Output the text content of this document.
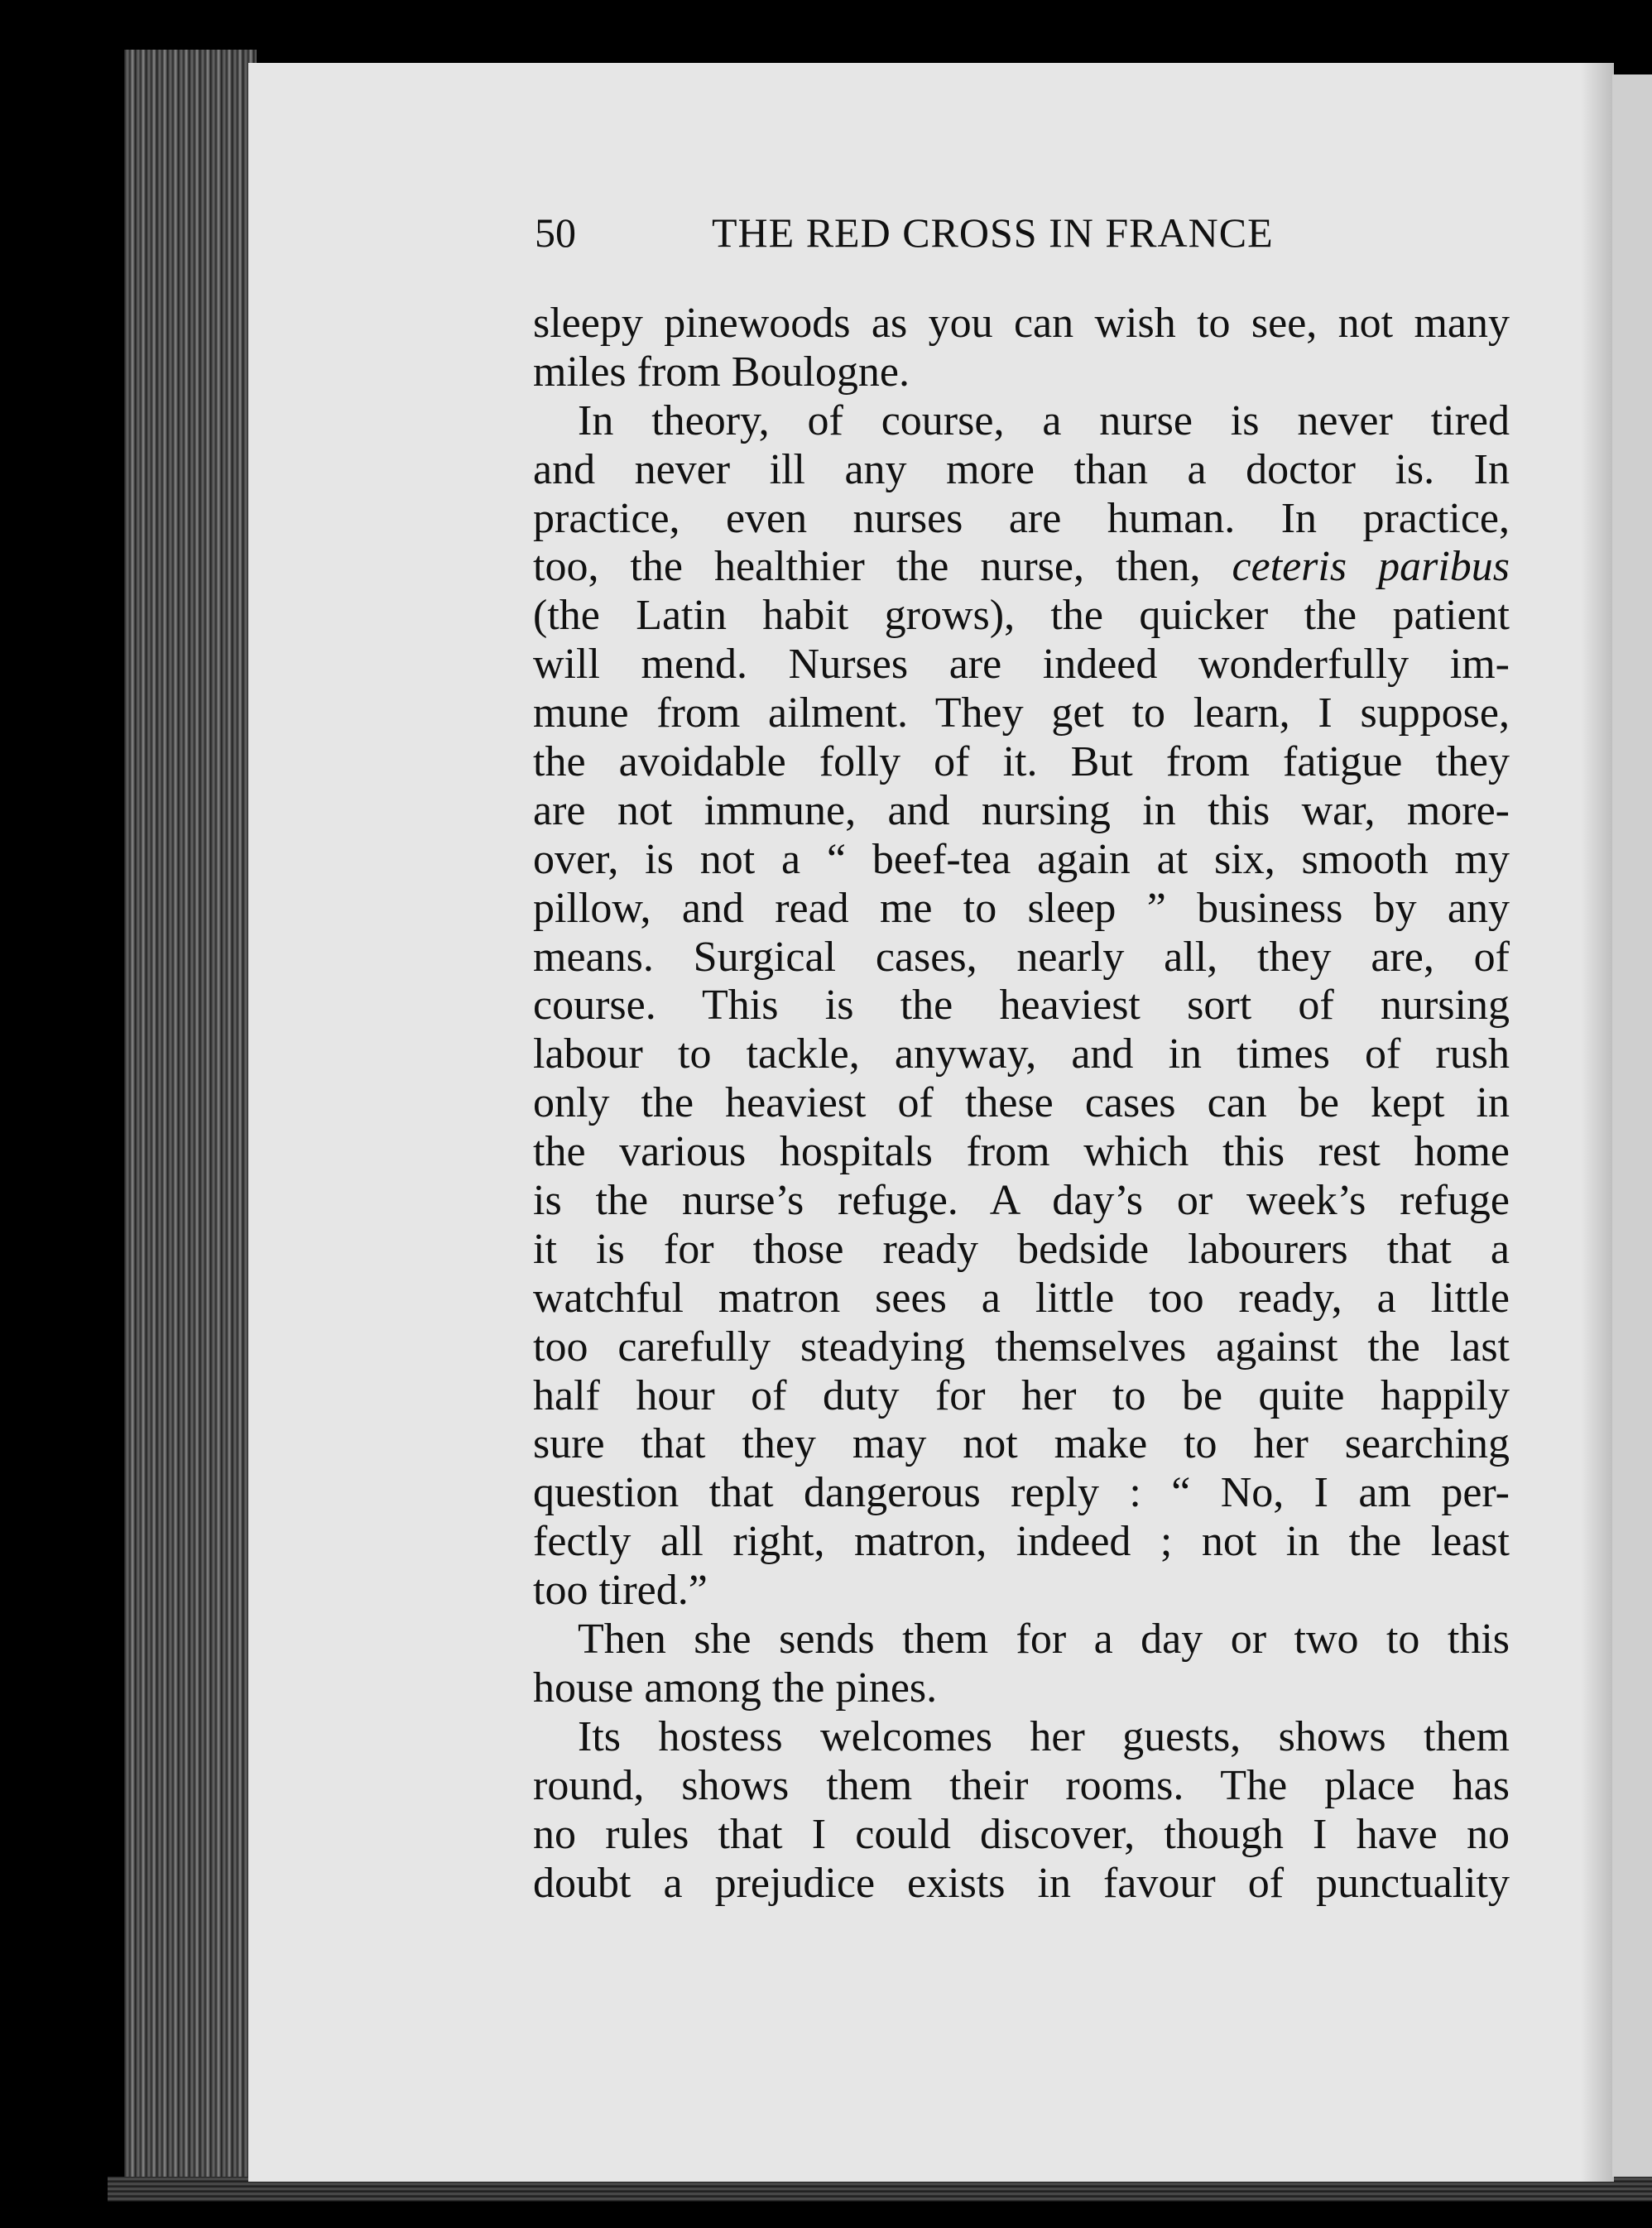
50	THE RED CROSS IN FRANCE
sleepy pinewoods as you can wish to see, not many
miles from Boulogne.
In theory, of course, a nurse is never tired
and never ill any more than a doctor is. In
practice, even nurses are human. In practice,
too, the healthier the nurse, then, ceteris paribus
(the Latin habit grows), the quicker the patient
will mend. Nurses are indeed wonderfully im-
mune from ailment. They get to learn, I suppose,
the avoidable folly of it. But from fatigue they
are not immune, and nursing in this war, more-
over, is not a “ beef-tea again at six, smooth my
pillow, and read me to sleep ” business by any
means. Surgical cases, nearly all, they are, of
course. This is the heaviest sort of nursing
labour to tackle, anyway, and in times of rush
only the heaviest of these cases can be kept in
the various hospitals from which this rest home
is the nurse’s refuge. A day’s or week’s refuge
it is for those ready bedside labourers that a
watchful matron sees a little too ready, a little
too carefully steadying themselves against the last
half hour of duty for her to be quite happily
sure that they may not make to her searching
question that dangerous reply : “ No, I am per-
fectly all right, matron, indeed ; not in the least
too tired.”
Then she sends them for a day or two to this
house among the pines.
Its hostess welcomes her guests, shows them
round, shows them their rooms. The place has
no rules that I could discover, though I have no
doubt a prejudice exists in favour of punctuality
